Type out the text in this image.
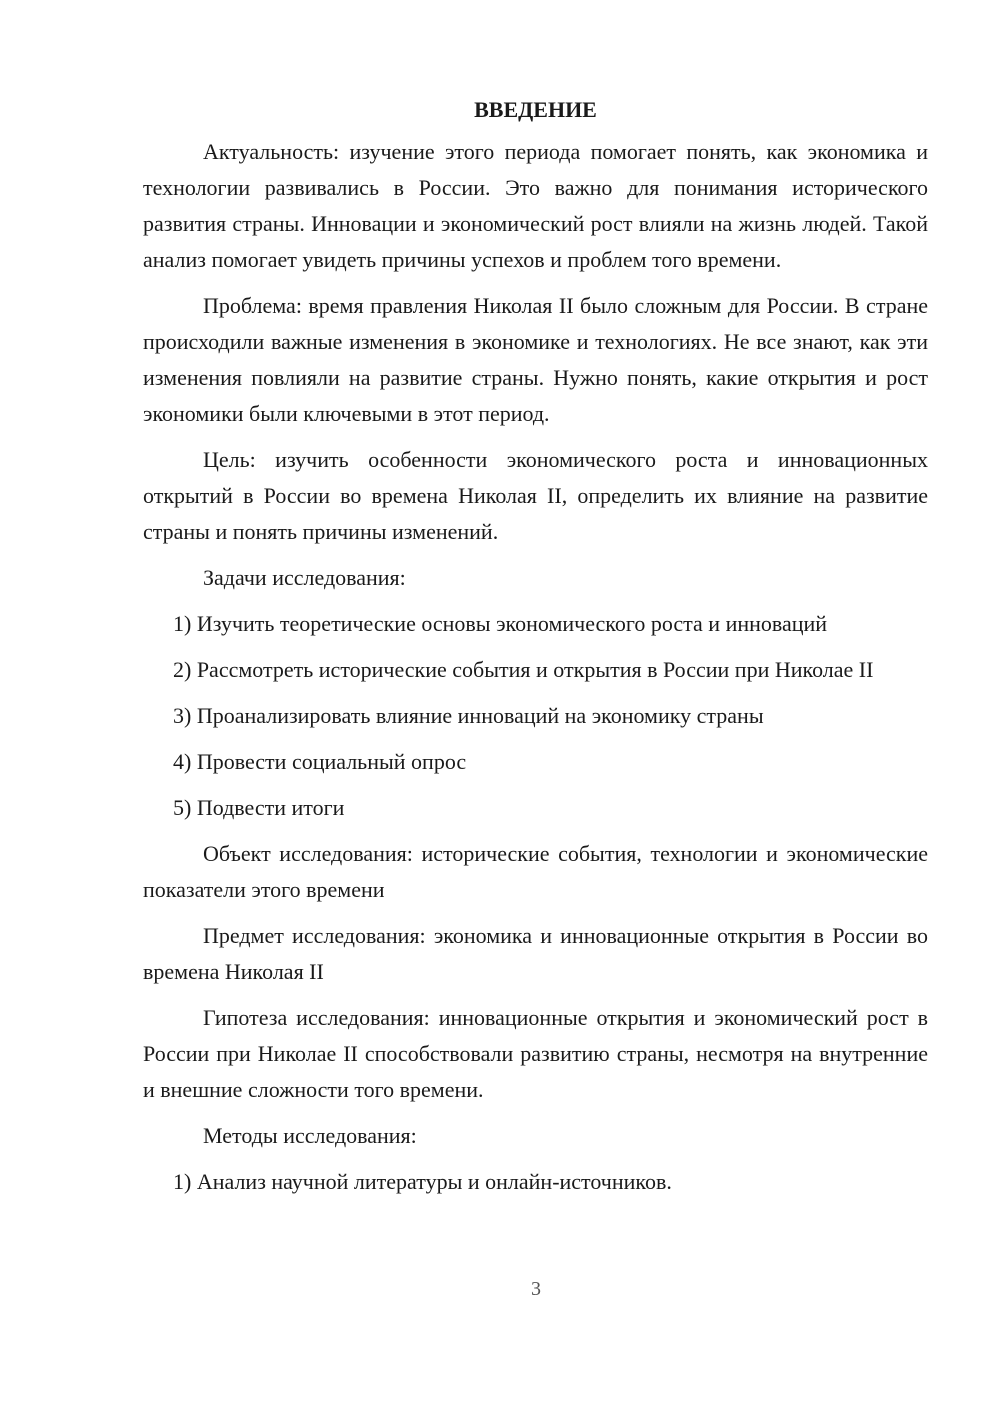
ВВЕДЕНИЕ

Актуальность: изучение этого периода помогает понять, как экономика и технологии развивались в России. Это важно для понимания исторического развития страны. Инновации и экономический рост влияли на жизнь людей. Такой анализ помогает увидеть причины успехов и проблем того времени.

Проблема: время правления Николая II было сложным для России. В стране происходили важные изменения в экономике и технологиях. Не все знают, как эти изменения повлияли на развитие страны. Нужно понять, какие открытия и рост экономики были ключевыми в этот период.

Цель: изучить особенности экономического роста и инновационных открытий в России во времена Николая II, определить их влияние на развитие страны и понять причины изменений.

Задачи исследования:

1) Изучить теоретические основы экономического роста и инноваций

2) Рассмотреть исторические события и открытия в России при Николае II

3) Проанализировать влияние инноваций на экономику страны

4) Провести социальный опрос

5) Подвести итоги

Объект исследования: исторические события, технологии и экономические показатели этого времени

Предмет исследования: экономика и инновационные открытия в России во времена Николая II

Гипотеза исследования: инновационные открытия и экономический рост в России при Николае II способствовали развитию страны, несмотря на внутренние и внешние сложности того времени.

Методы исследования:

1) Анализ научной литературы и онлайн-источников.

3
